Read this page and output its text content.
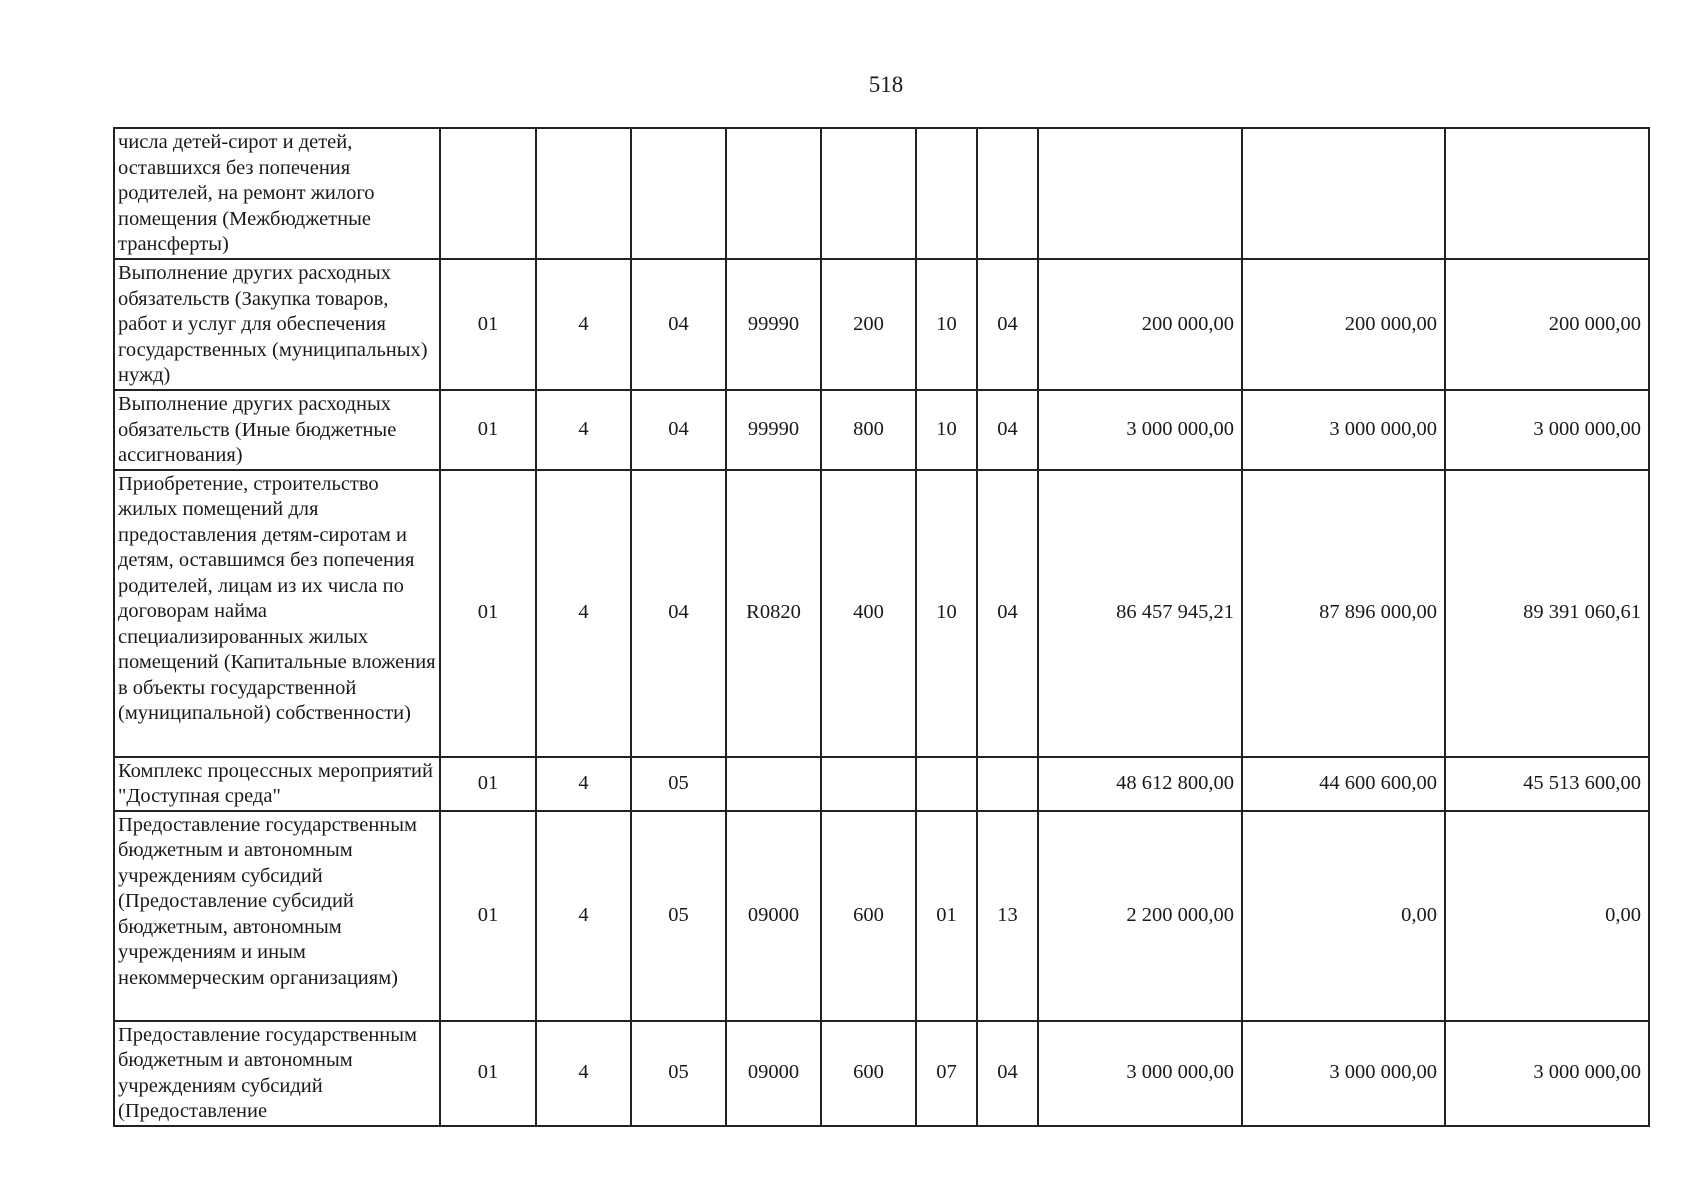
518
числа детей-сирот и детей, оставшихся без попечения родителей, на ремонт жилого помещения (Межбюджетные трансферты)										
Выполнение других расходных обязательств (Закупка товаров, работ и услуг для обеспечения государственных (муниципальных) нужд)	01	4	04	99990	200	10	04	200 000,00	200 000,00	200 000,00
Выполнение других расходных обязательств (Иные бюджетные ассигнования)	01	4	04	99990	800	10	04	3 000 000,00	3 000 000,00	3 000 000,00
Приобретение, строительство жилых помещений для предоставления детям-сиротам и детям, оставшимся без попечения родителей, лицам из их числа по договорам найма специализированных жилых помещений (Капитальные вложения в объекты государственной (муниципальной) собственности)	01	4	04	R0820	400	10	04	86 457 945,21	87 896 000,00	89 391 060,61
Комплекс процессных мероприятий "Доступная среда"	01	4	05					48 612 800,00	44 600 600,00	45 513 600,00
Предоставление государственным бюджетным и автономным учреждениям субсидий (Предоставление субсидий бюджетным, автономным учреждениям и иным некоммерческим организациям)	01	4	05	09000	600	01	13	2 200 000,00	0,00	0,00
Предоставление государственным бюджетным и автономным учреждениям субсидий (Предоставление	01	4	05	09000	600	07	04	3 000 000,00	3 000 000,00	3 000 000,00
